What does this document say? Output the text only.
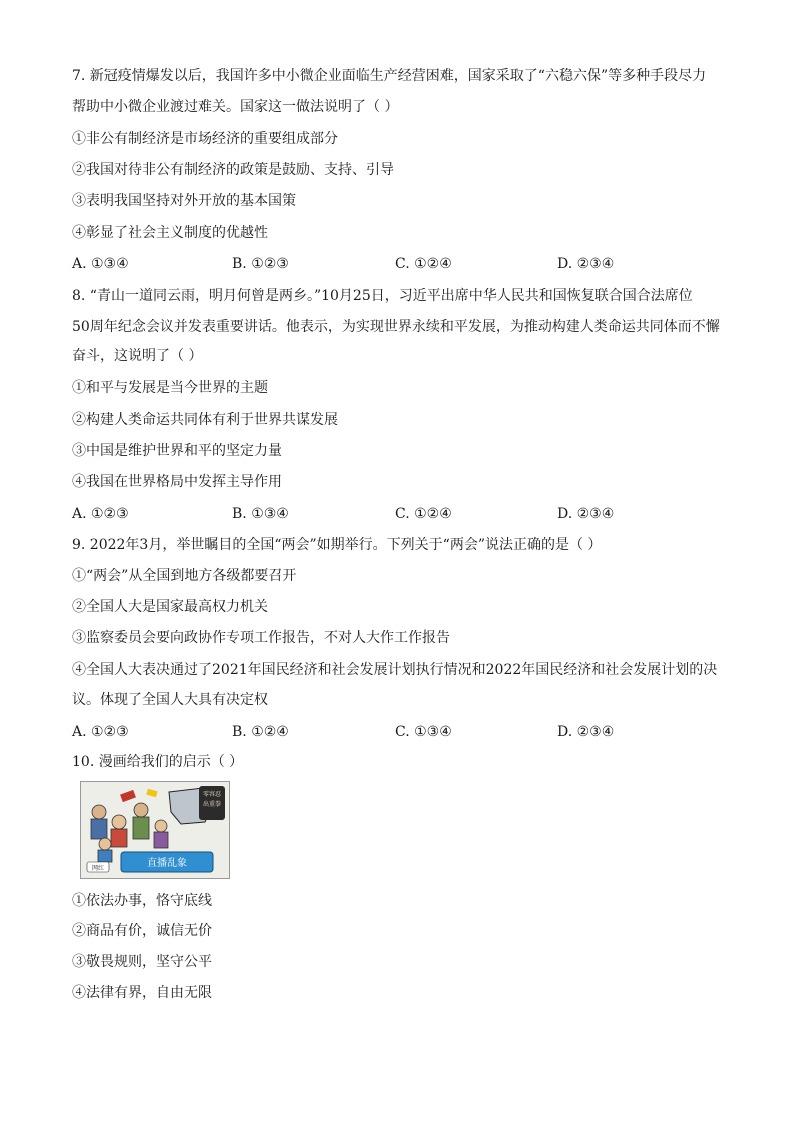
7. 新冠疫情爆发以后，我国许多中小微企业面临生产经营困难，国家采取了“六稳六保”等多种手段尽力
帮助中小微企业渡过难关。国家这一做法说明了（ ）
①非公有制经济是市场经济的重要组成部分
②我国对待非公有制经济的政策是鼓励、支持、引导
③表明我国坚持对外开放的基本国策
④彰显了社会主义制度的优越性
A. ①③④	B. ①②③	C. ①②④	D. ②③④
8. “青山一道同云雨，明月何曾是两乡。”10月25日，习近平出席中华人民共和国恢复联合国合法席位
50周年纪念会议并发表重要讲话。他表示，为实现世界永续和平发展，为推动构建人类命运共同体而不懈
奋斗，这说明了（ ）
①和平与发展是当今世界的主题
②构建人类命运共同体有利于世界共谋发展
③中国是维护世界和平的坚定力量
④我国在世界格局中发挥主导作用
A. ①②③	B. ①③④	C. ①②④	D. ②③④
9. 2022年3月，举世瞩目的全国“两会”如期举行。下列关于“两会”说法正确的是（ ）
①“两会”从全国到地方各级都要召开
②全国人大是国家最高权力机关
③监察委员会要向政协作专项工作报告，不对人大作工作报告
④全国人大表决通过了2021年国民经济和社会发展计划执行情况和2022年国民经济和社会发展计划的决
议。体现了全国人大具有决定权
A. ①②③	B. ①②④	C. ①③④	D. ②③④
10. 漫画给我们的启示（ ）
零容忍
出重拳
直播乱象
网红
①依法办事，恪守底线
②商品有价，诚信无价
③敬畏规则，坚守公平
④法律有界，自由无限
